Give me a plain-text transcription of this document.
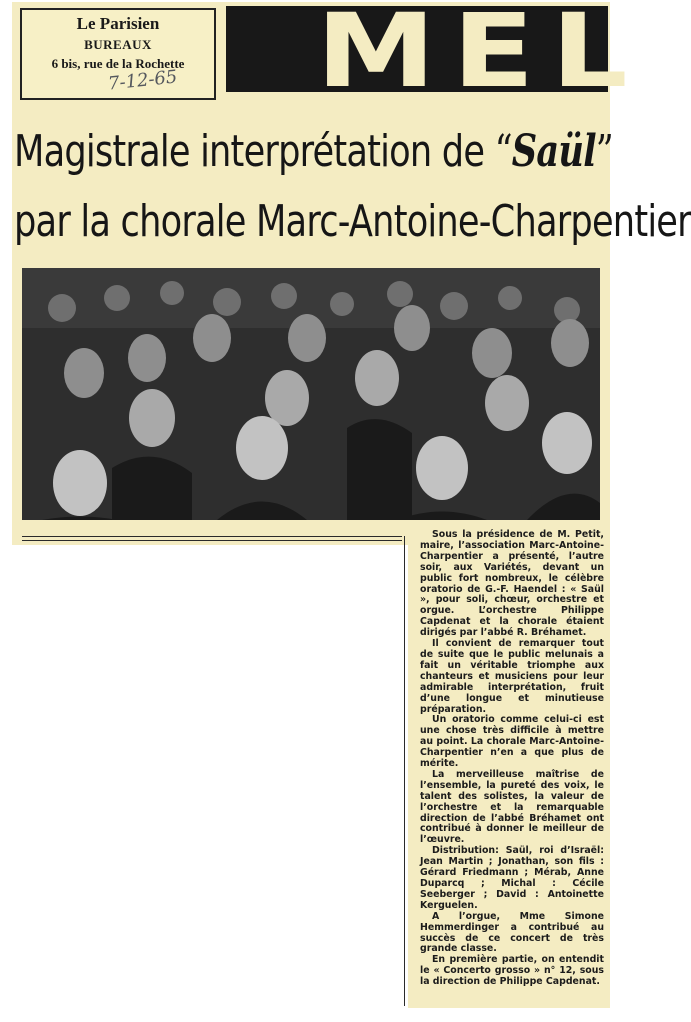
Le Parisien
BUREAUX
6 bis, rue de la Rochette
7-12-65 MEL
Magistrale interprétation de “Saül”
par la chorale Marc-Antoine-Charpentier

Sous la présidence de M. Petit, maire, l’association Marc-Antoine-Charpentier a présenté, l’autre soir, aux Variétés, devant un public fort nombreux, le célèbre oratorio de G.-F. Haendel : « Saül », pour soli, chœur, orchestre et orgue. L’orchestre Philippe Capdenat et la chorale étaient dirigés par l’abbé R. Bréhamet.

Il convient de remarquer tout de suite que le public melunais a fait un véritable triomphe aux chanteurs et musiciens pour leur admirable interprétation, fruit d’une longue et minutieuse préparation.

Un oratorio comme celui-ci est une chose très difficile à mettre au point. La chorale Marc-Antoine-Charpentier n’en a que plus de mérite.

La merveilleuse maîtrise de l’ensemble, la pureté des voix, le talent des solistes, la valeur de l’orchestre et la remarquable direction de l’abbé Bréhamet ont contribué à donner le meilleur de l’œuvre.

Distribution: Saül, roi d’Israël: Jean Martin ; Jonathan, son fils : Gérard Friedmann ; Mérab, Anne Duparcq ; Michal : Cécile Seeberger ; David : Antoinette Kerguelen.

A l’orgue, Mme Simone Hemmerdinger a contribué au succès de ce concert de très grande classe.

En première partie, on entendit le « Concerto grosso » n° 12, sous la direction de Philippe Capdenat.
